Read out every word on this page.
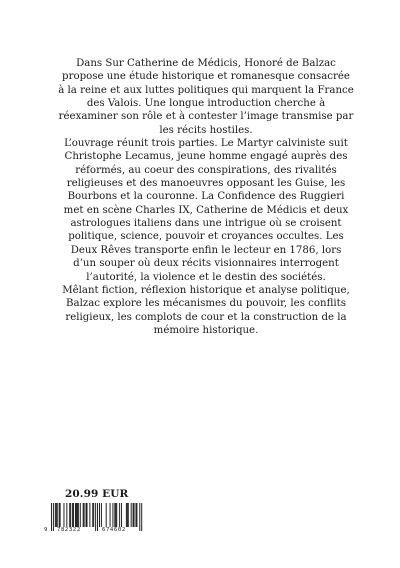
Dans Sur Catherine de Médicis, Honoré de Balzac propose une étude historique et romanesque consacrée à la reine et aux luttes politiques qui marquent la France des Valois. Une longue introduction cherche à réexaminer son rôle et à contester l’image transmise par les récits hostiles.

L’ouvrage réunit trois parties. Le Martyr calviniste suit Christophe Lecamus, jeune homme engagé auprès des réformés, au coeur des conspirations, des rivalités religieuses et des manoeuvres opposant les Guise, les Bourbons et la couronne. La Confidence des Ruggieri met en scène Charles IX, Catherine de Médicis et deux astrologues italiens dans une intrigue où se croisent politique, science, pouvoir et croyances occultes. Les Deux Rêves transporte enfin le lecteur en 1786, lors d’un souper où deux récits visionnaires interrogent l’autorité, la violence et le destin des sociétés.

Mêlant fiction, réflexion historique et analyse politique, Balzac explore les mécanismes du pouvoir, les conflits religieux, les complots de cour et la construction de la mémoire historique.

20.99 EUR
9 782322	674602
